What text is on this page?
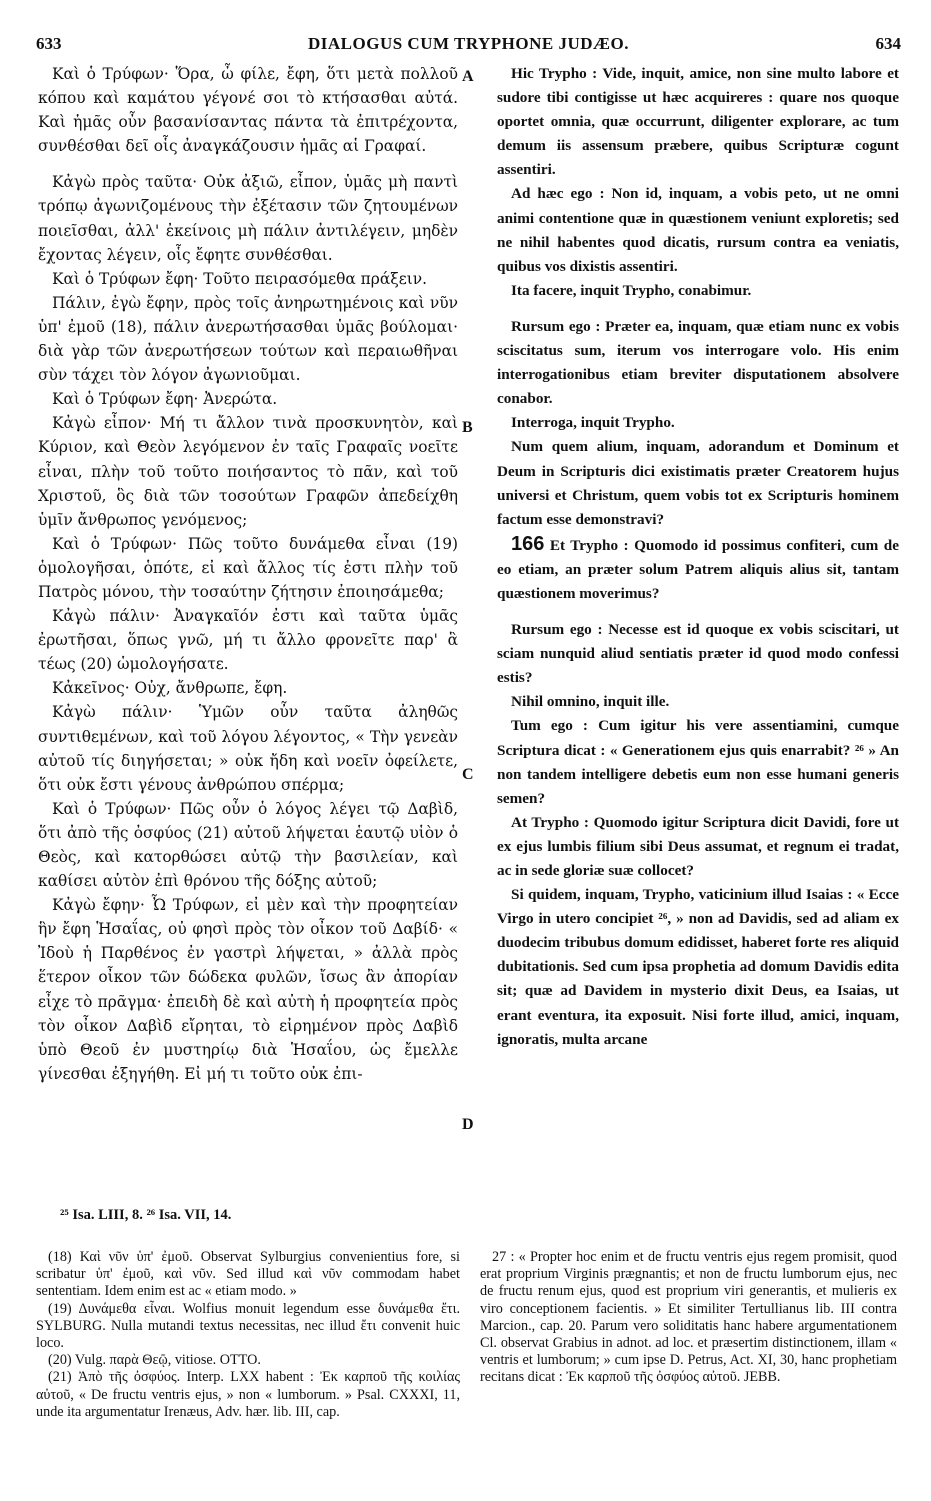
633	DIALOGUS CUM TRYPHONE JUDÆO.	634

Καὶ ὁ Τρύφων· Ὅρα, ὦ φίλε, ἔφη, ὅτι μετὰ πολλοῦ κόπου καὶ καμάτου γέγονέ σοι τὸ κτήσασθαι αὐτά. Καὶ ἡμᾶς οὖν βασανίσαντας πάντα τὰ ἐπιτρέχοντα, συνθέσθαι δεῖ οἷς ἀναγκάζουσιν ἡμᾶς αἱ Γραφαί.

Κἀγὼ πρὸς ταῦτα· Οὐκ ἀξιῶ, εἶπον, ὑμᾶς μὴ παντὶ τρόπῳ ἀγωνιζομένους τὴν ἐξέτασιν τῶν ζητουμένων ποιεῖσθαι, ἀλλ' ἐκείνοις μὴ πάλιν ἀντιλέγειν, μηδὲν ἔχοντας λέγειν, οἷς ἔφητε συνθέσθαι.

Καὶ ὁ Τρύφων ἔφη· Τοῦτο πειρασόμεθα πράξειν.

Πάλιν, ἐγὼ ἔφην, πρὸς τοῖς ἀνηρωτημένοις καὶ νῦν ὑπ' ἐμοῦ (18), πάλιν ἀνερωτήσασθαι ὑμᾶς βούλομαι· διὰ γὰρ τῶν ἀνερωτήσεων τούτων καὶ περαιωθῆναι σὺν τάχει τὸν λόγον ἀγωνιοῦμαι.

Καὶ ὁ Τρύφων ἔφη· Ἀνερώτα.

Κἀγὼ εἶπον· Μή τι ἄλλον τινὰ προσκυνητὸν, καὶ Κύριον, καὶ Θεὸν λεγόμενον ἐν ταῖς Γραφαῖς νοεῖτε εἶναι, πλὴν τοῦ τοῦτο ποιήσαντος τὸ πᾶν, καὶ τοῦ Χριστοῦ, ὃς διὰ τῶν τοσούτων Γραφῶν ἀπεδείχθη ὑμῖν ἄνθρωπος γενόμενος;

Καὶ ὁ Τρύφων· Πῶς τοῦτο δυνάμεθα εἶναι (19) ὁμολογῆσαι, ὁπότε, εἰ καὶ ἄλλος τίς ἐστι πλὴν τοῦ Πατρὸς μόνου, τὴν τοσαύτην ζήτησιν ἐποιησάμεθα;

Κἀγὼ πάλιν· Ἀναγκαῖόν ἐστι καὶ ταῦτα ὑμᾶς ἐρωτῆσαι, ὅπως γνῶ, μή τι ἄλλο φρονεῖτε παρ' ἃ τέως (20) ὡμολογήσατε.

Κἀκεῖνος· Οὐχ, ἄνθρωπε, ἔφη.

Κἀγὼ πάλιν· Ὑμῶν οὖν ταῦτα ἀληθῶς συντιθεμένων, καὶ τοῦ λόγου λέγοντος, « Τὴν γενεὰν αὐτοῦ τίς διηγήσεται; » οὐκ ἤδη καὶ νοεῖν ὀφείλετε, ὅτι οὐκ ἔστι γένους ἀνθρώπου σπέρμα;

Καὶ ὁ Τρύφων· Πῶς οὖν ὁ λόγος λέγει τῷ Δαβὶδ, ὅτι ἀπὸ τῆς ὀσφύος (21) αὐτοῦ λήψεται ἑαυτῷ υἱὸν ὁ Θεὸς, καὶ κατορθώσει αὐτῷ τὴν βασιλείαν, καὶ καθίσει αὐτὸν ἐπὶ θρόνου τῆς δόξης αὐτοῦ;

Κἀγὼ ἔφην· Ὦ Τρύφων, εἰ μὲν καὶ τὴν προφητείαν ἣν ἔφη Ἡσαΐας, οὐ φησὶ πρὸς τὸν οἶκον τοῦ Δαβίδ· « Ἰδοὺ ἡ Παρθένος ἐν γαστρὶ λήψεται, » ἀλλὰ πρὸς ἕτερον οἶκον τῶν δώδεκα φυλῶν, ἴσως ἂν ἀπορίαν εἶχε τὸ πρᾶγμα· ἐπειδὴ δὲ καὶ αὐτὴ ἡ προφητεία πρὸς τὸν οἶκον Δαβὶδ εἴρηται, τὸ εἰρημένον πρὸς Δαβὶδ ὑπὸ Θεοῦ ἐν μυστηρίῳ διὰ Ἡσαΐου, ὡς ἔμελλε γίνεσθαι ἐξηγήθη. Εἰ μή τι τοῦτο οὐκ ἐπι-

Hic Trypho : Vide, inquit, amice, non sine multo labore et sudore tibi contigisse ut hæc acquireres : quare nos quoque oportet omnia, quæ occurrunt, diligenter explorare, ac tum demum iis assensum præbere, quibus Scripturæ cogunt assentiri.

Ad hæc ego : Non id, inquam, a vobis peto, ut ne omni animi contentione quæ in quæstionem veniunt exploretis; sed ne nihil habentes quod dicatis, rursum contra ea veniatis, quibus vos dixistis assentiri.

Ita facere, inquit Trypho, conabimur.

Rursum ego : Præter ea, inquam, quæ etiam nunc ex vobis sciscitatus sum, iterum vos interrogare volo. His enim interrogationibus etiam breviter disputationem absolvere conabor.

Interroga, inquit Trypho.

Num quem alium, inquam, adorandum et Dominum et Deum in Scripturis dici existimatis præter Creatorem hujus universi et Christum, quem vobis tot ex Scripturis hominem factum esse demonstravi?

166 Et Trypho : Quomodo id possimus confiteri, cum de eo etiam, an præter solum Patrem aliquis alius sit, tantam quæstionem moverimus?

Rursum ego : Necesse est id quoque ex vobis sciscitari, ut sciam nunquid aliud sentiatis præter id quod modo confessi estis?

Nihil omnino, inquit ille.

Tum ego : Cum igitur his vere assentiamini, cumque Scriptura dicat : « Generationem ejus quis enarrabit? ²⁶ » An non tandem intelligere debetis eum non esse humani generis semen?

At Trypho : Quomodo igitur Scriptura dicit Davidi, fore ut ex ejus lumbis filium sibi Deus assumat, et regnum ei tradat, ac in sede gloriæ suæ collocet?

Si quidem, inquam, Trypho, vaticinium illud Isaias : « Ecce Virgo in utero concipiet ²⁶, » non ad Davidis, sed ad aliam ex duodecim tribubus domum edidisset, haberet forte res aliquid dubitationis. Sed cum ipsa prophetia ad domum Davidis edita sit; quæ ad Davidem in mysterio dixit Deus, ea Isaias, ut erant eventura, ita exposuit. Nisi forte illud, amici, inquam, ignoratis, multa arcane

A
B
C
D
²⁵ Isa. LIII, 8. ²⁶ Isa. VII, 14.

(18) Καὶ νῦν ὑπ' ἐμοῦ. Observat Sylburgius convenientius fore, si scribatur ὑπ' ἐμοῦ, καὶ νῦν. Sed illud καὶ νῦν commodam habet sententiam. Idem enim est ac « etiam modo. »

(19) Δυνάμεθα εἶναι. Wolfius monuit legendum esse δυνάμεθα ἔτι. SYLBURG. Nulla mutandi textus necessitas, nec illud ἔτι convenit huic loco.

(20) Vulg. παρὰ Θεῷ, vitiose. OTTO.

(21) Ἀπὸ τῆς ὀσφύος. Interp. LXX habent : Ἐκ καρποῦ τῆς κοιλίας αὐτοῦ, « De fructu ventris ejus, » non « lumborum. » Psal. CXXXI, 11, unde ita argumentatur Irenæus, Adv. hær. lib. III, cap.

27 : « Propter hoc enim et de fructu ventris ejus regem promisit, quod erat proprium Virginis prægnantis; et non de fructu lumborum ejus, nec de fructu renum ejus, quod est proprium viri generantis, et mulieris ex viro conceptionem facientis. » Et similiter Tertullianus lib. III contra Marcion., cap. 20. Parum vero soliditatis hanc habere argumentationem Cl. observat Grabius in adnot. ad loc. et præsertim distinctionem, illam « ventris et lumborum; » cum ipse D. Petrus, Act. XI, 30, hanc prophetiam recitans dicat : Ἐκ καρποῦ τῆς ὀσφύος αὐτοῦ. JEBB.
